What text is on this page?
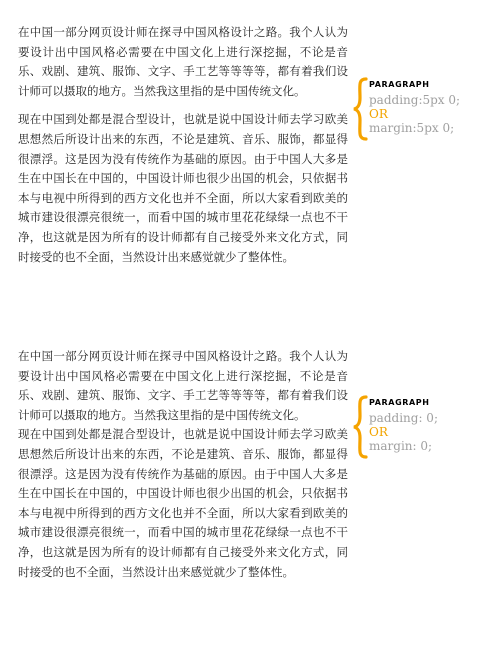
在中国一部分网页设计师在探寻中国风格设计之路。我个人认为要设计出中国风格必需要在中国文化上进行深挖掘，不论是音乐、戏剧、建筑、服饰、文字、手工艺等等等等，都有着我们设计师可以摄取的地方。当然我这里指的是中国传统文化。

现在中国到处都是混合型设计，也就是说中国设计师去学习欧美思想然后所设计出来的东西，不论是建筑、音乐、服饰，都显得很漂浮。这是因为没有传统作为基础的原因。由于中国人大多是生在中国长在中国的，中国设计师也很少出国的机会，只依据书本与电视中所得到的西方文化也并不全面，所以大家看到欧美的城市建设很漂亮很统一，而看中国的城市里花花绿绿一点也不干净，也这就是因为所有的设计师都有自己接受外来文化方式，同时接受的也不全面，当然设计出来感觉就少了整体性。

PARAGRAPH
padding:5px 0;
OR
margin:5px 0;

在中国一部分网页设计师在探寻中国风格设计之路。我个人认为要设计出中国风格必需要在中国文化上进行深挖掘，不论是音乐、戏剧、建筑、服饰、文字、手工艺等等等等，都有着我们设计师可以摄取的地方。当然我这里指的是中国传统文化。

现在中国到处都是混合型设计，也就是说中国设计师去学习欧美思想然后所设计出来的东西，不论是建筑、音乐、服饰，都显得很漂浮。这是因为没有传统作为基础的原因。由于中国人大多是生在中国长在中国的，中国设计师也很少出国的机会，只依据书本与电视中所得到的西方文化也并不全面，所以大家看到欧美的城市建设很漂亮很统一，而看中国的城市里花花绿绿一点也不干净，也这就是因为所有的设计师都有自己接受外来文化方式，同时接受的也不全面，当然设计出来感觉就少了整体性。

PARAGRAPH
padding: 0;
OR
margin: 0;
